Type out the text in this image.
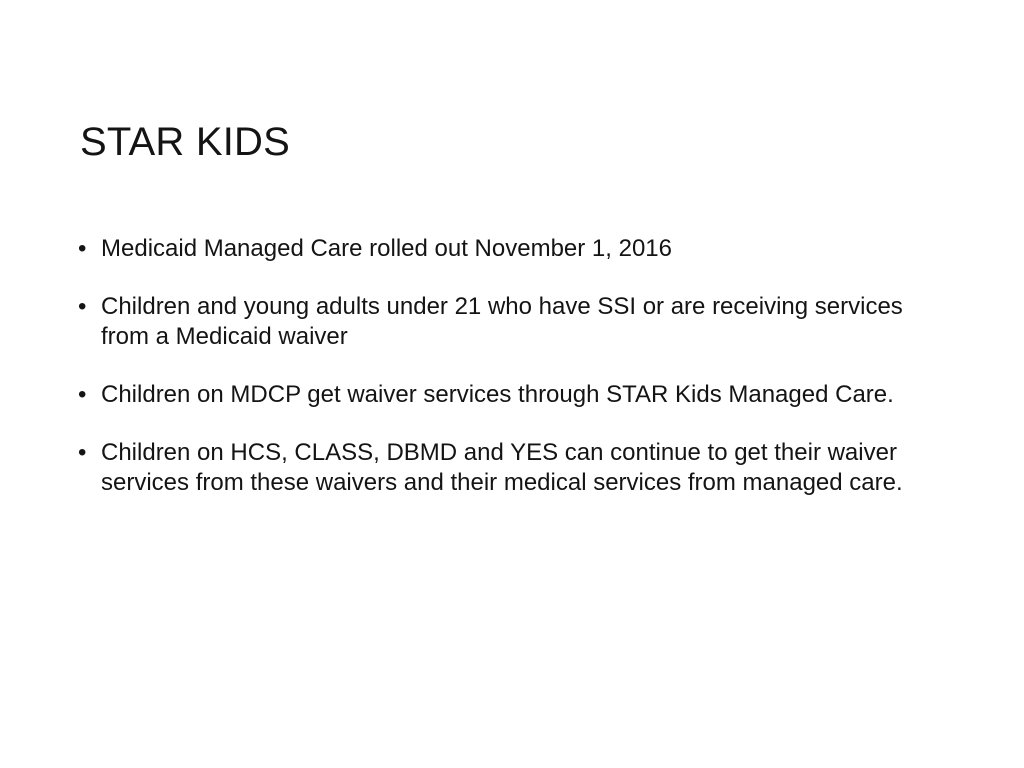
STAR KIDS
• Medicaid Managed Care rolled out November 1, 2016
• Children and young adults under 21 who have SSI or are receiving services from a Medicaid waiver
• Children on MDCP get waiver services through STAR Kids Managed Care.
• Children on HCS, CLASS, DBMD and YES can continue to get their waiver services from these waivers and their medical services from managed care.
